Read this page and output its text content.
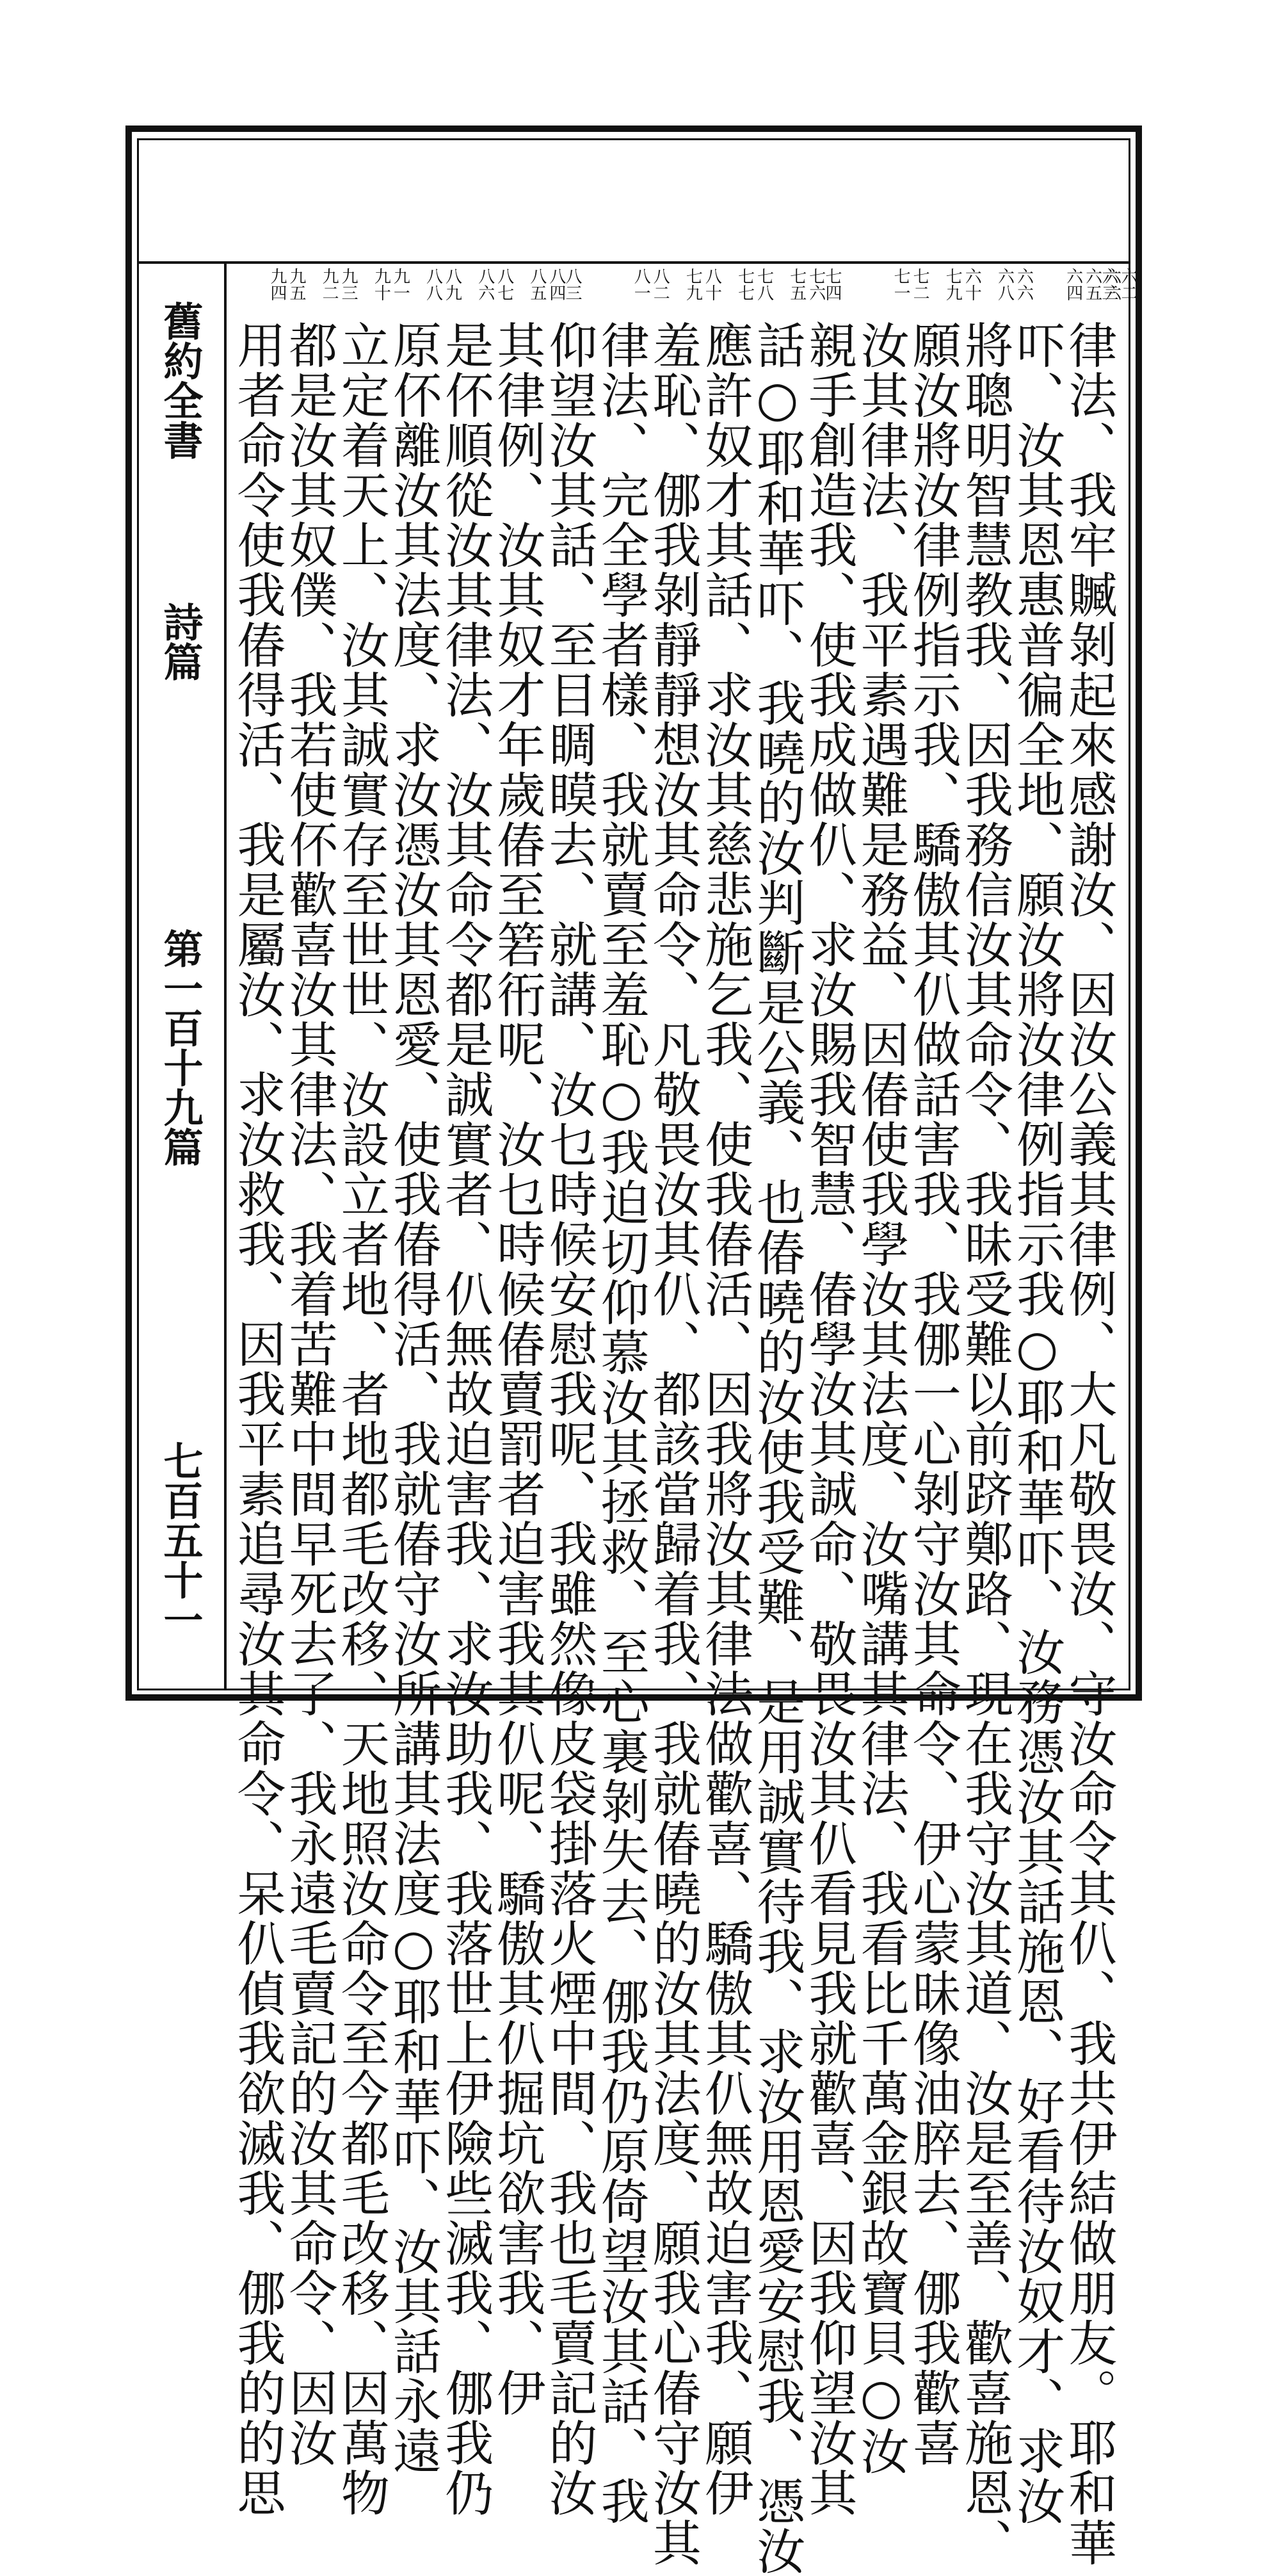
舊約全書
詩篇
第一百十九篇
七百五十一	律法、我牢贓剝起來感謝汝、因汝公義其律例、大凡敬畏汝、守汝命令其仈、我共伊結做朋友。耶和華
吓、汝其恩惠普徧全地、願汝將汝律例指示我○耶和華吓、汝務憑汝其話施恩、好看待汝奴才、求汝
將聰明智慧教我、因我務信汝其命令、我昧受難以前跻鄭路、現在我守汝其道、汝是至善、歡喜施恩、
願汝將汝律例指示我、驕傲其仈做話害我、我㑚一心剝守汝其命令、伊心蒙昧像油脺去、㑚我歡喜
汝其律法、我平素遇難是務益、因偆使我學汝其法度、汝嘴講其律法、我看比千萬金銀故寶貝○汝
親手創造我、使我成做仈、求汝賜我智慧、偆學汝其誠命、敬畏汝其仈看見我就歡喜、因我仰望汝其
話○耶和華吓、我曉的汝判斷是公義、也偆曉的汝使我受難、是用誠實待我、求汝用恩愛安慰我、憑汝
應許奴才其話、求汝其慈悲施乞我、使我偆活、因我將汝其律法做歡喜、驕傲其仈無故迫害我、願伊
羞恥、㑚我剝靜靜想汝其命令、凡敬畏汝其仈、都該當歸着我、我就偆曉的汝其法度、願我心偆守汝其
律法、完全學者樣、我就賣至羞恥○我迫切仰慕汝其拯救、至心裏剝失去、㑚我仍原倚望汝其話、我
仰望汝其話、至目睭瞙去、就講、汝乜時候安慰我呢、我雖然像皮袋掛落火煙中間、我也毛賣記的汝
其律例、汝其奴才年歲偆至箬衎呢、汝乜時候偆賣罰者迫害我其仈呢、驕傲其仈掘坑欲害我、伊
是伓順從汝其律法、汝其命令都是誠實者、仈無故迫害我、求汝助我、我落世上伊險些滅我、㑚我仍
原伓離汝其法度、求汝憑汝其恩愛、使我偆得活、我就偆守汝所講其法度○耶和華吓、汝其話永遠
立定着天上、汝其誠實存至世世、汝設立者地、者地都毛改移、天地照汝命令至今都毛改移、因萬物
都是汝其奴僕、我若使伓歡喜汝其律法、我着苦難中間早死去了、我永遠毛賣記的汝其命令、因汝
用者命令使我偆得活、我是屬汝、求汝救我、因我平素追尋汝其命令、呆仈偵我欲滅我、㑚我的的思
六二
六三
六六
六五
六四
六六
六八
六十
七九
七二
七一
七四
七六
七五
七八
七七
八十
七九
八二
八一
八三
八四
八五
八七
八六
八九
八八
九一
九十
九三
九二
九五
九四
